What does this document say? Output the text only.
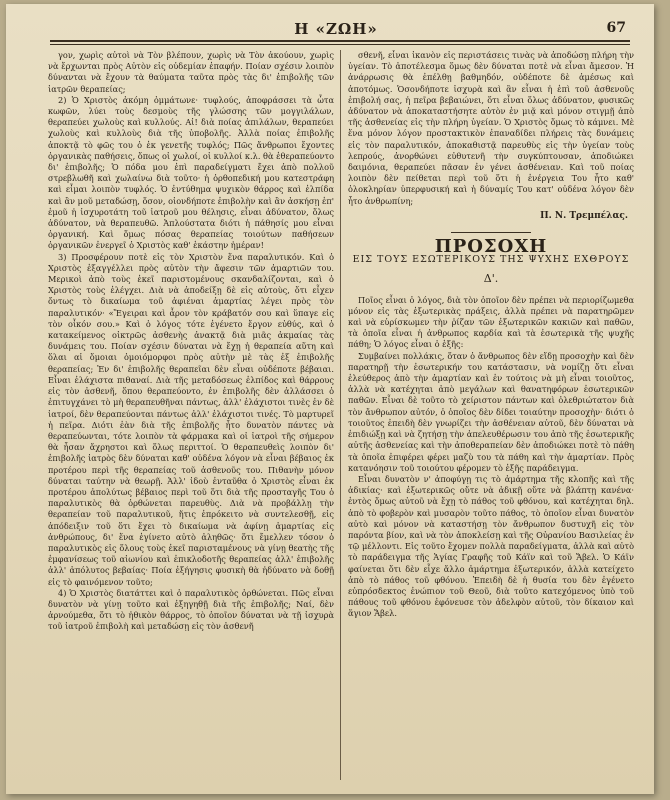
Η «ΖΩΗ»	67

γον, χωρὶς αὐτοὶ νὰ Τὸν βλέπουν, χωρὶς νὰ Τὸν ἀκούουν, χωρὶς νὰ ἔρχωνται πρὸς Αὐτὸν εἰς οὐδεμίαν ἐπαφήν. Ποίαν σχέσιν λοιπὸν δύνανται νὰ ἔχουν τὰ θαύματα ταῦτα πρὸς τὰς δι' ἐπιβολῆς τῶν ἰατρῶν θεραπείας;

2) Ὁ Χριστὸς ἀκόμη ὀμμάτωνε· τυφλούς, ἀποφράσσει τὰ ὦτα κωφῶν, λύει τοὺς δεσμοὺς τῆς γλώσσης τῶν μογγιλάλων, θεραπεύει χωλοὺς καὶ κυλλούς. Αἱ! διὰ ποίας ἀπιλάλων, θεραπεύει χωλοὺς καὶ κυλλοὺς διὰ τῆς ὑποβολῆς. Ἀλλὰ ποίας ἐπιβολῆς ἀποκτᾷ τὸ φῶς του ὁ ἐκ γενετῆς τυφλός; Πῶς ἄνθρωποι ἔχοντες ὀργανικὰς παθήσεις, ὅπως οἱ χωλοί, οἱ κυλλοί κ.λ. θὰ ἐθεραπεύοντο δι' ἐπιβολῆς; Ὁ πόδα μου ἐπὶ παραδείγματι ἔχει ἀπὸ πολλοῦ στρεβλωθῆ καὶ χωλαίνω διὰ τοῦτο· ἡ ὀρθοπεδική μου κατεστράφη καὶ εἶμαι λοιπὸν τυφλός. Ὁ ἐντύθημα ψυχικὸν θάρρος καὶ ἐλπίδα καὶ ἂν μοῦ μεταδώσῃ, ὅσον, οἱονδήποτε ἐπιβολὴν καὶ ἂν ἀσκήσῃ ἐπ' ἐμοῦ ἡ ἰσχυροτάτη τοῦ ἰατροῦ μου θέλησις, εἶναι ἀδύνατον, ὅλως ἀδύνατον, νὰ θεραπευθῶ. Ἀπλούστατα διότι ἡ πάθησίς μου εἶναι ὀργανική. Καὶ ὅμως πόσας θεραπείας τοιούτων παθήσεων ὀργανικῶν ἐνεργεῖ ὁ Χριστὸς καθ' ἑκάστην ἡμέραν!

3) Προσφέρουν ποτὲ εἰς τὸν Χριστὸν ἕνα παραλυτικόν. Καὶ ὁ Χριστὸς ἐξαγγέλλει πρὸς αὐτὸν τὴν ἄφεσιν τῶν ἁμαρτιῶν του. Μερικοὶ ἀπὸ τοὺς ἐκεῖ παριστομένους σκανδαλίζονται, καὶ ὁ Χριστὸς τοὺς ἐλέγχει. Διὰ νὰ ἀποδείξῃ δὲ εἰς αὐτοὺς, ὅτι εἶχεν ὄντως τὸ δικαίωμα τοῦ ἀφιέναι ἁμαρτίας λέγει πρὸς τὸν παραλυτικόν· «Ἔγειραι καὶ ἆρον τὸν κράβατόν σου καὶ ὕπαγε εἰς τὸν οἶκόν σου.» Καὶ ὁ λόγος τότε ἐγένετο ἔργον εὐθύς, καὶ ὁ κατακείμενος οἰκτρῶς ἀσθενὴς ἀνακτᾷ διὰ μιᾶς ἀκμαίας τὰς δυνάμεις του. Ποίαν σχέσιν δύναται νὰ ἔχῃ ἡ θεραπεία αὕτη καὶ ὅλαι αἱ ὅμοιαι ὁμοιόμορφοι πρὸς αὐτὴν μὲ τὰς ἐξ ἐπιβολῆς θεραπείας; Ἐν δι' ἐπιβολῆς θεραπεῖαι δὲν εἶναι οὐδέποτε βέβαιαι. Εἶναι ἐλάχιστα πιθαναί. Διὰ τῆς μεταδόσεως ἐλπίδος καὶ θάρρους εἰς τὸν ἀσθενῆ, ὅπου θεραπεύοντο, ἐν ἐπιβολῆς δὲν ἀλλάσσει ὁ ἐπιτυγχάνει τὸ μὴ θεραπευθῆναι πάντως, ἀλλ' ἐλάχιστοι τινὲς ἐν δὲ ἰατροί, δὲν θεραπεύονται πάντως ἀλλ' ἐλάχιστοι τινές. Τὸ μαρτυρεῖ ἡ πεῖρα. Διότι ἐὰν διὰ τῆς ἐπιβολῆς ἦτο δυνατὸν πάντες νὰ θεραπεύωνται, τότε λοιπὸν τὰ φάρμακα καὶ οἱ ἰατροὶ τῆς σήμερον θὰ ἦσαν ἄχρηστοι καὶ ὅλως περιττοί. Ὁ θεραπευθεὶς λοιπὸν δι' ἐπιβολῆς ἰατρὸς δὲν δύναται καθ' οὐδένα λόγον νὰ εἶναι βέβαιος ἐκ προτέρου περὶ τῆς θεραπείας τοῦ ἀσθενοῦς του. Πιθανὴν μόνον δύναται ταύτην νὰ θεωρῇ. Ἀλλ' ἰδοὺ ἐνταῦθα ὁ Χριστὸς εἶναι ἐκ προτέρου ἀπολύτως βέβαιος περὶ τοῦ ὅτι διὰ τῆς προσταγῆς Του ὁ παραλυτικὸς θὰ ὀρθώνεται παρευθὺς. Διὰ νὰ προβάλλῃ τὴν θεραπείαν τοῦ παραλυτικοῦ, ἥτις ἐπρόκειτο νὰ συντελεσθῇ, εἰς ἀπόδειξιν τοῦ ὅτι ἔχει τὸ δικαίωμα νὰ ἀφίνῃ ἁμαρτίας εἰς ἀνθρώπους, δι' ἕνα ἐγίνετο αὐτὸ ἀληθῶς· ὅτι ἔμελλεν τόσον ὁ παραλυτικὸς εἰς ὅλους τοὺς ἐκεῖ παρισταμένους νὰ γίνῃ θεατὴς τῆς ἐμφανίσεως τοῦ αἰωνίου καὶ ἐπικλοδοτῆς θεραπείας ἀλλ' ἐπιβολῆς ἀλλ' ἀπόλυτος βεβαίας· Ποία ἐξήγησις φυσικὴ θὰ ἠδύνατο νὰ δοθῇ εἰς τὸ φαινόμενον τοῦτο;

4) Ὁ Χριστὸς διατάττει καὶ ὁ παραλυτικὸς ὀρθώνεται. Πῶς εἶναι δυνατὸν νὰ γίνῃ τοῦτο καὶ ἐξηγηθῇ διὰ τῆς ἐπιβολῆς; Ναί, δὲν ἀρνούμεθα, ὅτι τὸ ἠθικὸν θάρρος, τὸ ὁποῖον δύναται νὰ τῇ ἰσχυρὰ τοῦ ἰατροῦ ἐπιβολὴ καὶ μεταδώσῃ εἰς τὸν ἀσθενῆ

σθενῆ, εἶναι ἱκανὸν εἰς περιστάσεις τινὰς νὰ ἀποδώσῃ πλήρη τὴν ὑγείαν. Τὸ ἀποτέλεσμα ὅμως δὲν δύναται ποτὲ νὰ εἶναι ἄμεσον. Ἡ ἀνάρρωσις θὰ ἐπέλθῃ βαθμηδόν, οὐδέποτε δὲ ἀμέσως καὶ ἀποτόμως. Ὁσονδήποτε ἰσχυρὰ καὶ ἂν εἶναι ἡ ἐπὶ τοῦ ἀσθενοῦς ἐπιβολή σας, ἡ πεῖρα βεβαιώνει, ὅτι εἶναι ὅλως ἀδύνατον, φυσικῶς ἀδύνατον νὰ ἀποκαταστήσητε αὐτὸν ἐν μιᾷ καὶ μόνον στιγμῇ ἀπὸ τῆς ἀσθενείας εἰς τὴν πλήρη ὑγείαν. Ὁ Χριστὸς ὅμως τὸ κάμνει. Μὲ ἕνα μόνον λόγον προστακτικὸν ἐπαναδίδει πλήρεις τὰς δυνάμεις εἰς τὸν παραλυτικόν, ἀποκαθιστᾷ παρευθὺς εἰς τὴν ὑγείαν τοὺς λεπρούς, ἀνορθώνει εὐθυτενῆ τὴν συγκύπτουσαν, ἀποδιώκει δαιμόνια, θεραπεύει πᾶσαν ἐν γένει ἀσθένειαν. Καὶ τοῦ ποίας λοιπὸν δὲν πείθεται περὶ τοῦ ὅτι ἡ ἐνέργεια Του ἦτο καθ' ὁλοκληρίαν ὑπερφυσική καὶ ἡ δύναμίς Του κατ' οὐδένα λόγον δὲν ἦτο ἀνθρωπίνη;

Π. Ν. Τρεμπέλας.
ΠΡΟΣΟΧΗ
ΕΙΣ ΤΟΥΣ ΕΣΩΤΕΡΙΚΟΥΣ ΤΗΣ ΨΥΧΗΣ ΕΧΘΡΟΥΣ
Δ'.

Ποῖος εἶναι ὁ λόγος, διὰ τὸν ὁποῖον δὲν πρέπει νὰ περιορίζωμεθα μόνον εἰς τὰς ἐξωτερικὰς πράξεις, ἀλλὰ πρέπει νὰ παρατηρῶμεν καὶ νὰ εὑρίσκωμεν τὴν ῥίζαν τῶν ἐξωτερικῶν κακιῶν καὶ παθῶν, τὰ ὁποῖα εἶναι ἡ ἀνθρωπος καρδία καὶ τὰ ἐσωτερικὰ τῆς ψυχῆς πάθη; Ὁ λόγος εἶναι ὁ ἑξῆς:

Συμβαίνει πολλάκις, ὅταν ὁ ἄνθρωπος δὲν εἴδῃ προσοχὴν καὶ δὲν παρατηρῇ τὴν ἐσωτερικήν του κατάστασιν, νὰ νομίζῃ ὅτι εἶναι ἐλεύθερος ἀπὸ τὴν ἁμαρτίαν καὶ ἐν τούτοις νὰ μὴ εἶναι τοιοῦτος, ἀλλὰ νὰ κατέχηται ἀπὸ μεγάλων καὶ θανατηφόρων ἐσωτερικῶν παθῶν. Εἶναι δὲ τοῦτο τὸ χείριστον πάντων καὶ ὀλεθριώτατον διὰ τὸν ἄνθρωπον αὐτόν, ὁ ὁποῖος δὲν δίδει τοιαύτην προσοχὴν· διότι ὁ τοιοῦτος ἐπειδὴ δὲν γνωρίζει τὴν ἀσθένειαν αὐτοῦ, δὲν δύναται νὰ ἐπιδιώξῃ καὶ νὰ ζητήσῃ τὴν ἀπελευθέρωσιν του ἀπὸ τῆς ἐσωτερικῆς αὐτῆς ἀσθενείας καὶ τὴν ἀποθεραπείαν δὲν ἀποδιώκει ποτὲ τὸ πάθη τὰ ὁποῖα ἐπιφέρει φέρει μαζὺ του τὰ πάθη καὶ τὴν ἁμαρτίαν. Πρὸς κατανόησιν τοῦ τοιούτου φέρομεν τὸ ἑξῆς παράδειγμα.

Εἶναι δυνατὸν ν' ἀποφύγῃ τις τὸ ἁμάρτημα τῆς κλοπῆς καὶ τῆς ἀδικίας· καὶ ἐξωτερικῶς οὔτε νὰ ἀδικῇ οὔτε νὰ βλάπτῃ κανένα· ἐντὸς ὅμως αὐτοῦ νὰ ἔχῃ τὸ πάθος τοῦ φθόνου, καὶ κατέχηται δηλ. ἀπὸ τὸ φοβερὸν καὶ μυσαρὸν τοῦτο πάθος, τὸ ὁποῖον εἶναι δυνατὸν αὐτὸ καὶ μόνον νὰ καταστήσῃ τὸν ἄνθρωπον δυστυχῆ εἰς τὸν παρόντα βίον, καὶ νὰ τὸν ἀποκλείσῃ καὶ τῆς Οὐρανίου Βασιλείας ἐν τῷ μέλλοντι. Εἰς τοῦτο ἔχομεν πολλὰ παραδείγματα, ἀλλὰ καὶ αὐτὸ τὸ παράδειγμα τῆς Ἁγίας Γραφῆς τοῦ Κάϊν καὶ τοῦ Ἄβελ. Ὁ Κάϊν φαίνεται ὅτι δὲν εἶχε ἄλλο ἁμάρτημα ἐξωτερικόν, ἀλλὰ κατείχετο ἀπὸ τὸ πάθος τοῦ φθόνου. Ἐπειδὴ δὲ ἡ θυσία του δὲν ἐγένετο εὐπρόσδεκτος ἐνώπιον τοῦ Θεοῦ, διὰ τοῦτο κατεχόμενος ὑπὸ τοῦ πάθους τοῦ φθόνου ἐφόνευσε τὸν ἀδελφὸν αὐτοῦ, τὸν δίκαιον καὶ ἅγιον Ἄβελ.
